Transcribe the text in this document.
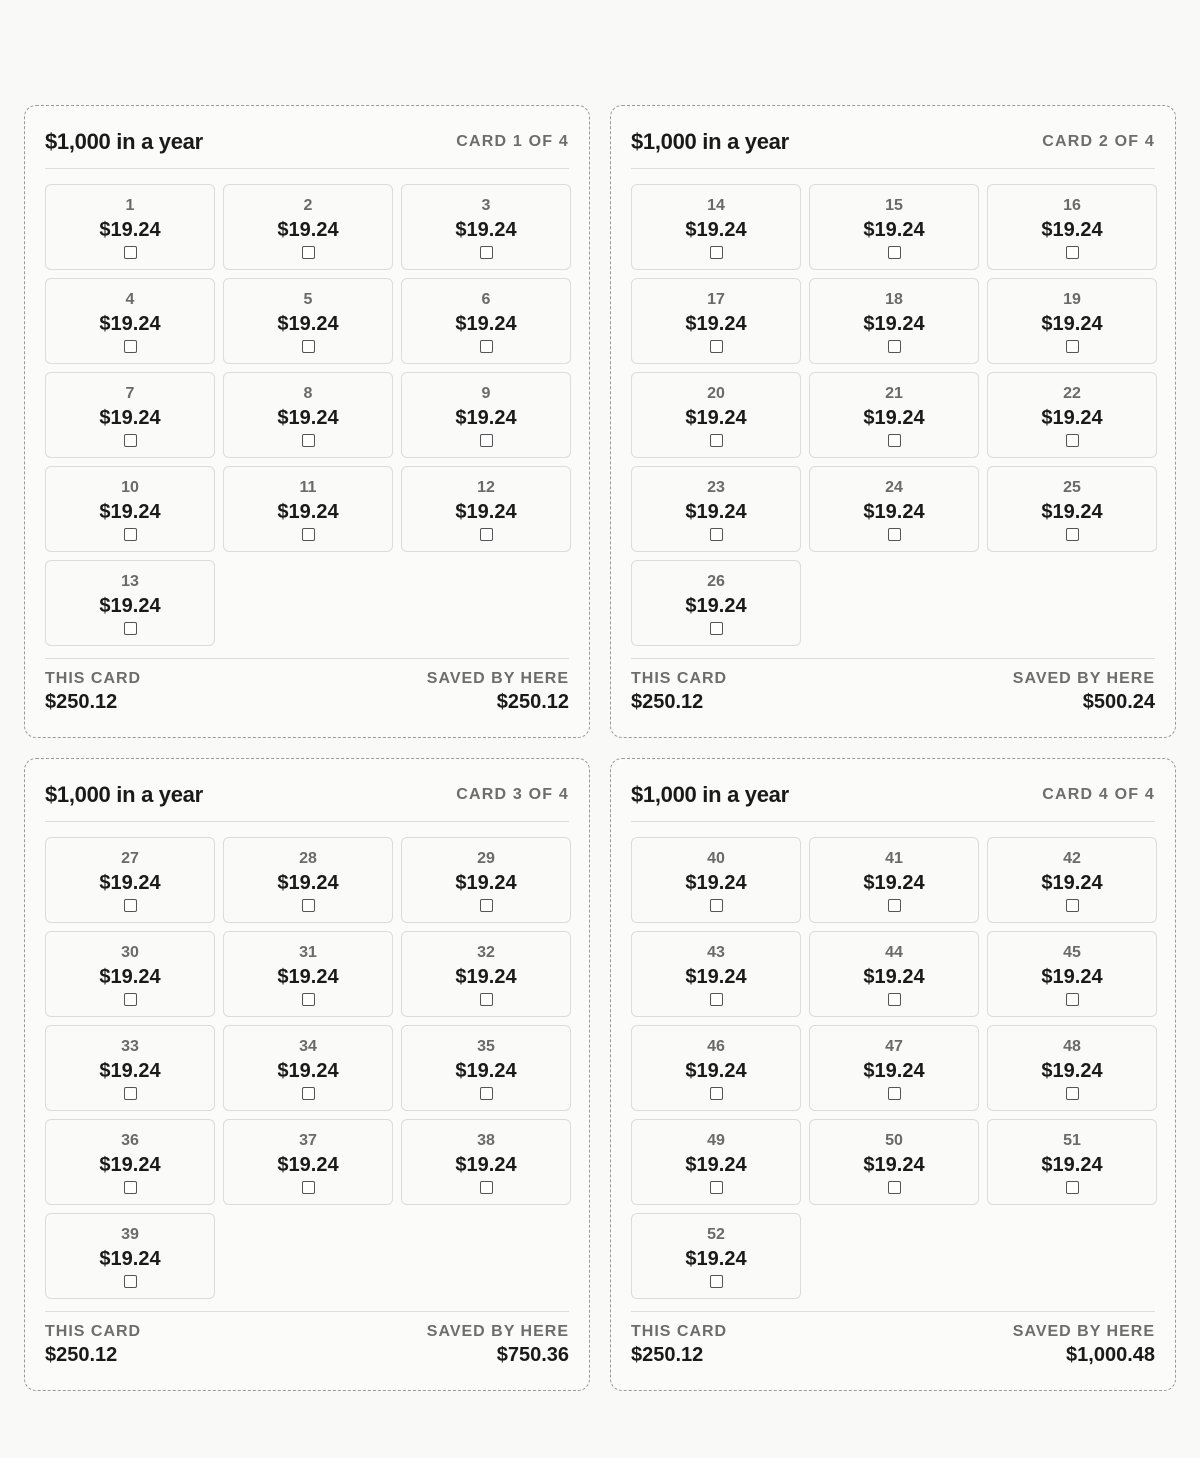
$1,000 in a year	CARD 1 OF 4
1
$19.24
2
$19.24
3
$19.24
4
$19.24
5
$19.24
6
$19.24
7
$19.24
8
$19.24
9
$19.24
10
$19.24
11
$19.24
12
$19.24
13
$19.24
THIS CARD
$250.12
SAVED BY HERE
$250.12
$1,000 in a year	CARD 2 OF 4
14
$19.24
15
$19.24
16
$19.24
17
$19.24
18
$19.24
19
$19.24
20
$19.24
21
$19.24
22
$19.24
23
$19.24
24
$19.24
25
$19.24
26
$19.24
THIS CARD
$250.12
SAVED BY HERE
$500.24
$1,000 in a year	CARD 3 OF 4
27
$19.24
28
$19.24
29
$19.24
30
$19.24
31
$19.24
32
$19.24
33
$19.24
34
$19.24
35
$19.24
36
$19.24
37
$19.24
38
$19.24
39
$19.24
THIS CARD
$250.12
SAVED BY HERE
$750.36
$1,000 in a year	CARD 4 OF 4
40
$19.24
41
$19.24
42
$19.24
43
$19.24
44
$19.24
45
$19.24
46
$19.24
47
$19.24
48
$19.24
49
$19.24
50
$19.24
51
$19.24
52
$19.24
THIS CARD
$250.12
SAVED BY HERE
$1,000.48
